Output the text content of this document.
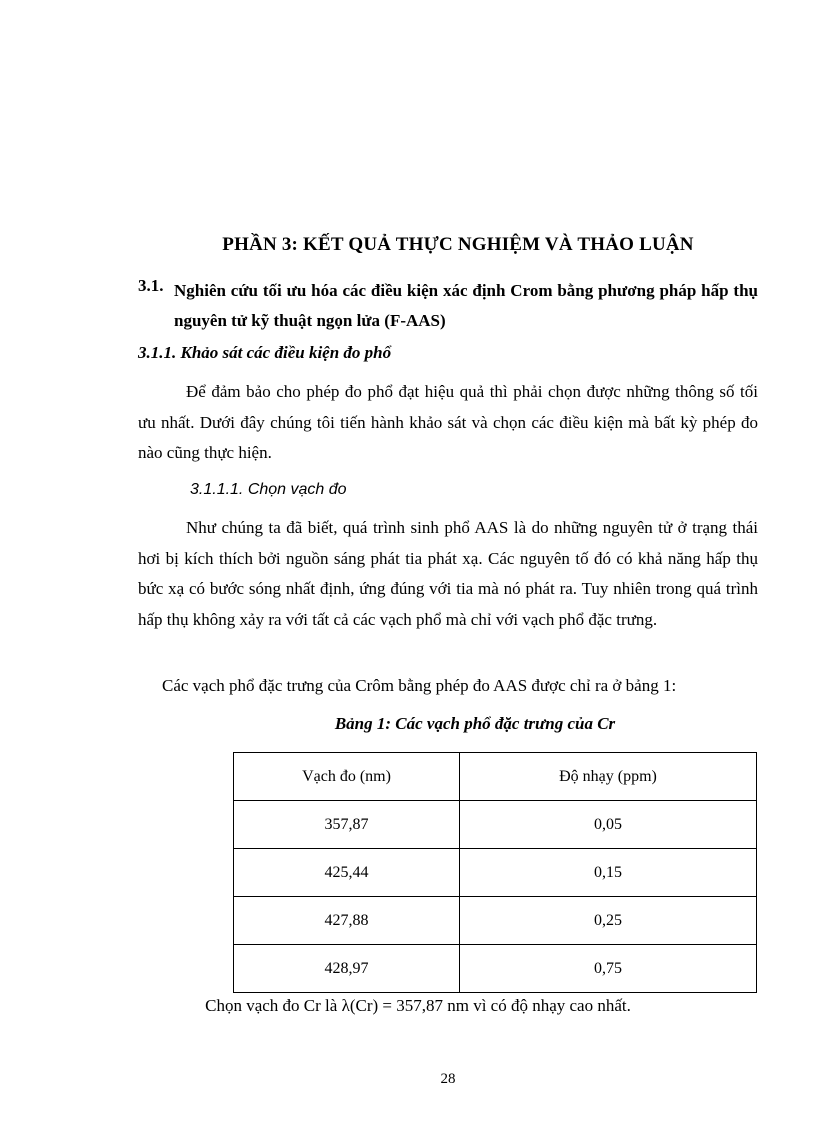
PHẦN 3: KẾT QUẢ THỰC NGHIỆM VÀ THẢO LUẬN
3.1. Nghiên cứu tối ưu hóa các điều kiện xác định Crom bằng phương pháp hấp thụ nguyên tử kỹ thuật ngọn lửa (F-AAS)
3.1.1. Khảo sát các điều kiện đo phổ
Để đảm bảo cho phép đo phổ đạt hiệu quả thì phải chọn được những thông số tối ưu nhất. Dưới đây chúng tôi tiến hành khảo sát và chọn các điều kiện mà bất kỳ phép đo nào cũng thực hiện.
3.1.1.1. Chọn vạch đo
Như chúng ta đã biết, quá trình sinh phổ AAS là do những nguyên tử ở trạng thái hơi bị kích thích bởi nguồn sáng phát tia phát xạ. Các nguyên tố đó có khả năng hấp thụ bức xạ có bước sóng nhất định, ứng đúng với tia mà nó phát ra. Tuy nhiên trong quá trình hấp thụ không xảy ra với tất cả các vạch phổ mà chỉ với vạch phổ đặc trưng.
Các vạch phổ đặc trưng của Crôm bằng phép đo AAS được chỉ ra ở bảng 1:
Bảng 1: Các vạch phổ đặc trưng của Cr
Vạch đo (nm)	Độ nhạy (ppm)
357,87	0,05
425,44	0,15
427,88	0,25
428,97	0,75
Chọn vạch đo Cr là λ(Cr) = 357,87 nm vì có độ nhạy cao nhất.
28
